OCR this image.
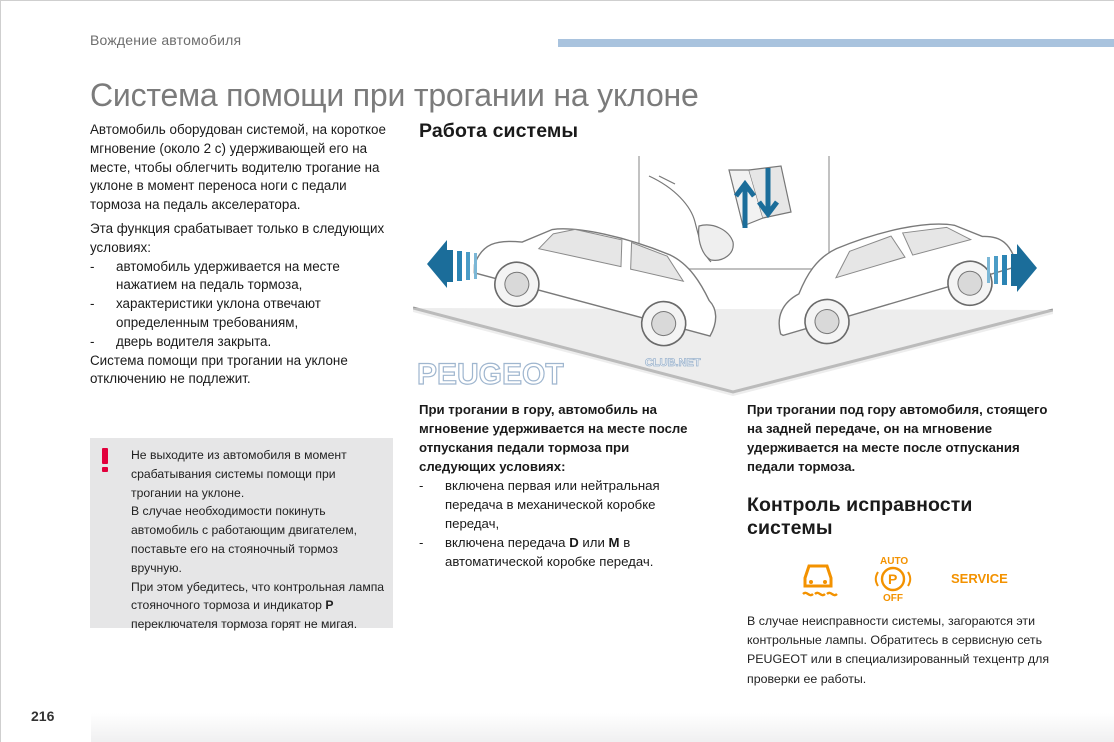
Вождение автомобиля
Система помощи при трогании на уклоне

Автомобиль оборудован системой, на короткое мгновение (около 2 с) удерживающей его на месте, чтобы облегчить водителю трогание на уклоне в момент переноса ноги с педали тормоза на педаль акселератора.

Эта функция срабатывает только в следующих условиях:

- автомобиль удерживается на месте нажатием на педаль тормоза,
- характеристики уклона отвечают определенным требованиям,
- дверь водителя закрыта.

Система помощи при трогании на уклоне отключению не подлежит.

Не выходите из автомобиля в момент срабатывания системы помощи при трогании на уклоне.

В случае необходимости покинуть автомобиль с работающим двигателем, поставьте его на стояночный тормоз вручную.

При этом убедитесь, что контрольная лампа стояночного тормоза и индикатор P переключателя тормоза горят не мигая.

Работа системы
PEUGEOT	CLUB.NET

При трогании в гору, автомобиль на мгновение удерживается на месте после отпускания педали тормоза при следующих условиях:

- включена первая или нейтральная передача в механической коробке передач,
- включена передача D или M в автоматической коробке передач.
При трогании под гору автомобиля, стоящего на задней передаче, он на мгновение удерживается на месте после отпускания педали тормоза.
Контроль исправности системы
AUTO
P
OFF
SERVICE
В случае неисправности системы, загораются эти контрольные лампы. Обратитесь в сервисную сеть PEUGEOT или в специализированный техцентр для проверки ее работы.
216
